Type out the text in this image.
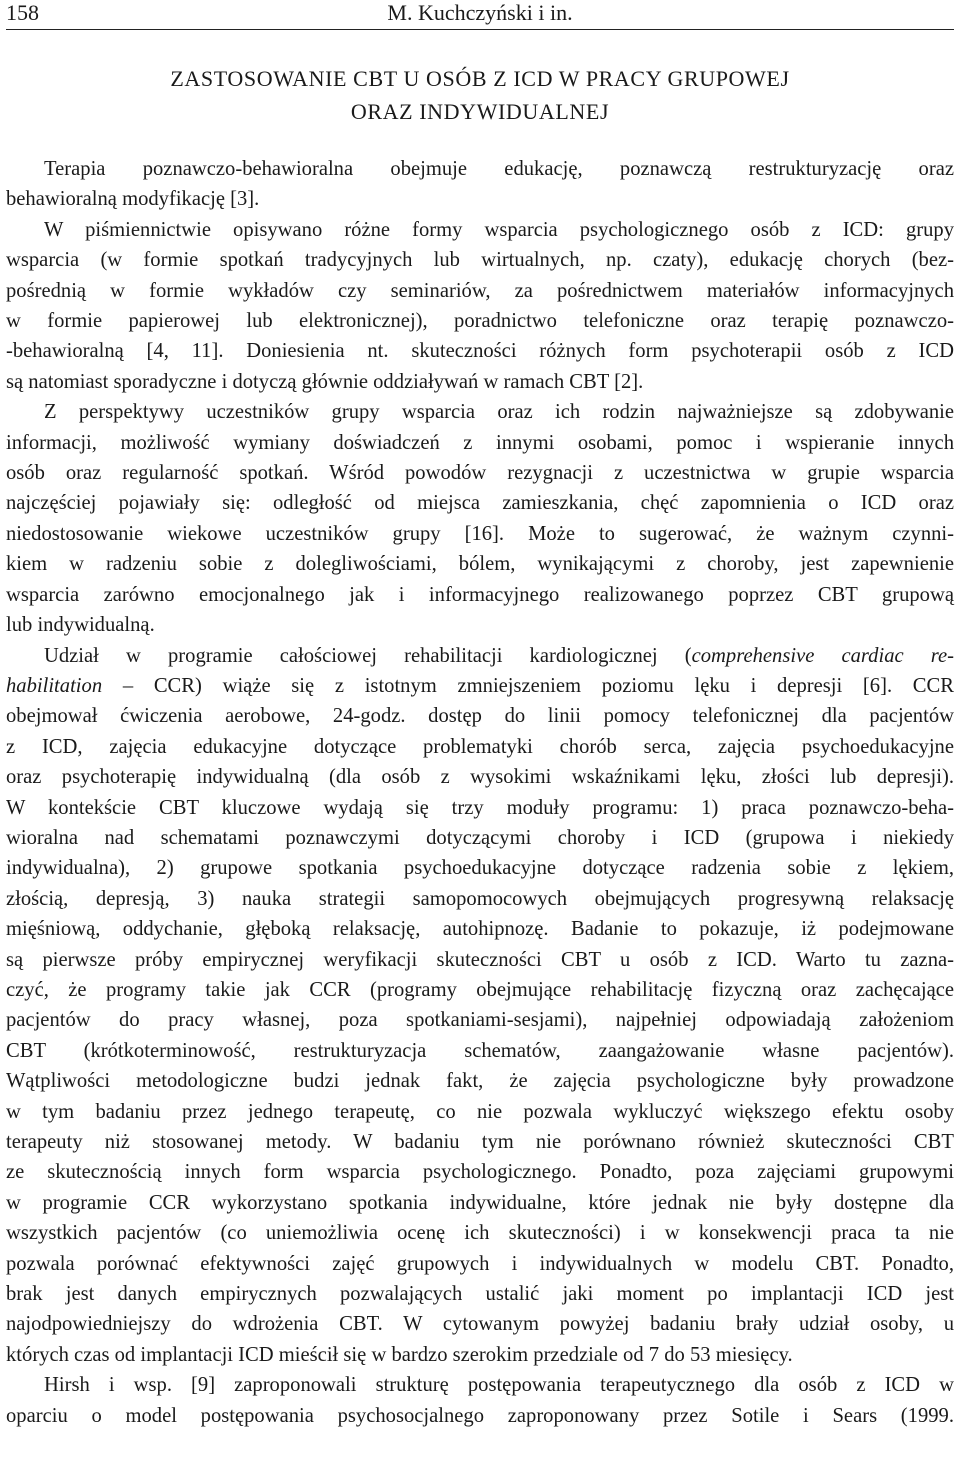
158	M. Kuchczyński i in.
ZASTOSOWANIE CBT U OSÓB Z ICD W PRACY GRUPOWEJ
ORAZ INDYWIDUALNEJ
Terapia poznawczo-behawioralna obejmuje edukację, poznawczą restrukturyzację oraz
behawioralną modyfikację [3].
W piśmiennictwie opisywano różne formy wsparcia psychologicznego osób z ICD: grupy
wsparcia (w formie spotkań tradycyjnych lub wirtualnych, np. czaty), edukację chorych (bez-
pośrednią w formie wykładów czy seminariów, za pośrednictwem materiałów informacyjnych
w formie papierowej lub elektronicznej), poradnictwo telefoniczne oraz terapię poznawczo-
-behawioralną [4, 11]. Doniesienia nt. skuteczności różnych form psychoterapii osób z ICD
są natomiast sporadyczne i dotyczą głównie oddziaływań w ramach CBT [2].
Z perspektywy uczestników grupy wsparcia oraz ich rodzin najważniejsze są zdobywanie
informacji, możliwość wymiany doświadczeń z innymi osobami, pomoc i wspieranie innych
osób oraz regularność spotkań. Wśród powodów rezygnacji z uczestnictwa w grupie wsparcia
najczęściej pojawiały się: odległość od miejsca zamieszkania, chęć zapomnienia o ICD oraz
niedostosowanie wiekowe uczestników grupy [16]. Może to sugerować, że ważnym czynni-
kiem w radzeniu sobie z dolegliwościami, bólem, wynikającymi z choroby, jest zapewnienie
wsparcia zarówno emocjonalnego jak i informacyjnego realizowanego poprzez CBT grupową
lub indywidualną.
Udział w programie całościowej rehabilitacji kardiologicznej (comprehensive cardiac re-
habilitation – CCR) wiąże się z istotnym zmniejszeniem poziomu lęku i depresji [6]. CCR
obejmował ćwiczenia aerobowe, 24-godz. dostęp do linii pomocy telefonicznej dla pacjentów
z ICD, zajęcia edukacyjne dotyczące problematyki chorób serca, zajęcia psychoedukacyjne
oraz psychoterapię indywidualną (dla osób z wysokimi wskaźnikami lęku, złości lub depresji).
W kontekście CBT kluczowe wydają się trzy moduły programu: 1) praca poznawczo-beha-
wioralna nad schematami poznawczymi dotyczącymi choroby i ICD (grupowa i niekiedy
indywidualna), 2) grupowe spotkania psychoedukacyjne dotyczące radzenia sobie z lękiem,
złością, depresją, 3) nauka strategii samopomocowych obejmujących progresywną relaksację
mięśniową, oddychanie, głęboką relaksację, autohipnozę. Badanie to pokazuje, iż podejmowane
są pierwsze próby empirycznej weryfikacji skuteczności CBT u osób z ICD. Warto tu zazna-
czyć, że programy takie jak CCR (programy obejmujące rehabilitację fizyczną oraz zachęcające
pacjentów do pracy własnej, poza spotkaniami-sesjami), najpełniej odpowiadają założeniom
CBT (krótkoterminowość, restrukturyzacja schematów, zaangażowanie własne pacjentów).
Wątpliwości metodologiczne budzi jednak fakt, że zajęcia psychologiczne były prowadzone
w tym badaniu przez jednego terapeutę, co nie pozwala wykluczyć większego efektu osoby
terapeuty niż stosowanej metody. W badaniu tym nie porównano również skuteczności CBT
ze skutecznością innych form wsparcia psychologicznego. Ponadto, poza zajęciami grupowymi
w programie CCR wykorzystano spotkania indywidualne, które jednak nie były dostępne dla
wszystkich pacjentów (co uniemożliwia ocenę ich skuteczności) i w konsekwencji praca ta nie
pozwala porównać efektywności zajęć grupowych i indywidualnych w modelu CBT. Ponadto,
brak jest danych empirycznych pozwalających ustalić jaki moment po implantacji ICD jest
najodpowiedniejszy do wdrożenia CBT. W cytowanym powyżej badaniu brały udział osoby, u
których czas od implantacji ICD mieścił się w bardzo szerokim przedziale od 7 do 53 miesięcy.
Hirsh i wsp. [9] zaproponowali strukturę postępowania terapeutycznego dla osób z ICD w
oparciu o model postępowania psychosocjalnego zaproponowany przez Sotile i Sears (1999.
